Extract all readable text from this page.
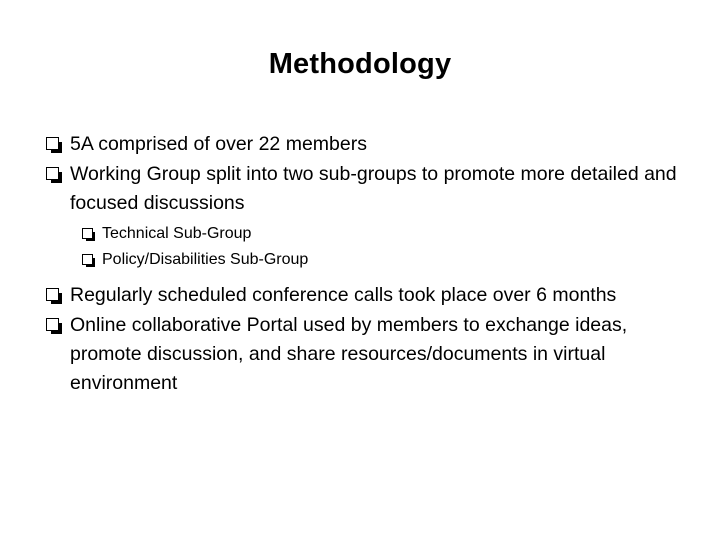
Methodology
5A comprised of over 22 members
Working Group split into two sub-groups to promote more detailed and focused discussions
Technical Sub-Group
Policy/Disabilities Sub-Group
Regularly scheduled conference calls took place over 6 months
Online collaborative Portal used by members to exchange ideas, promote discussion, and share resources/documents in virtual environment
